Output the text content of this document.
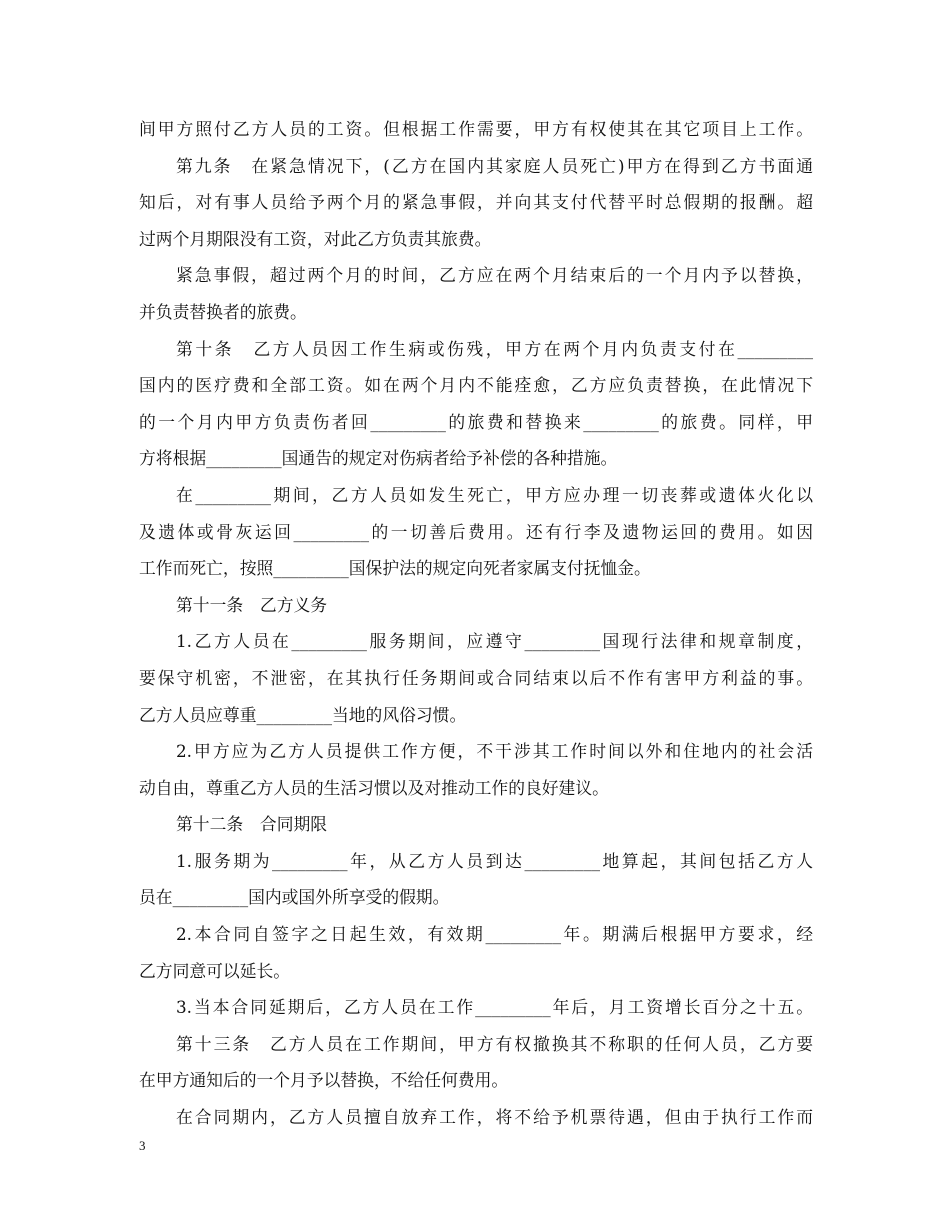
间甲方照付乙方人员的工资。但根据工作需要，甲方有权使其在其它项目上工作。
第九条　在紧急情况下，(乙方在国内其家庭人员死亡)甲方在得到乙方书面通
知后，对有事人员给予两个月的紧急事假，并向其支付代替平时总假期的报酬。超
过两个月期限没有工资，对此乙方负责其旅费。
紧急事假，超过两个月的时间，乙方应在两个月结束后的一个月内予以替换，
并负责替换者的旅费。
第十条　乙方人员因工作生病或伤残，甲方在两个月内负责支付在_________
国内的医疗费和全部工资。如在两个月内不能痊愈，乙方应负责替换，在此情况下
的一个月内甲方负责伤者回_________的旅费和替换来_________的旅费。同样，甲
方将根据_________国通告的规定对伤病者给予补偿的各种措施。
在_________期间，乙方人员如发生死亡，甲方应办理一切丧葬或遗体火化以
及遗体或骨灰运回_________的一切善后费用。还有行李及遗物运回的费用。如因
工作而死亡，按照_________国保护法的规定向死者家属支付抚恤金。
第十一条　乙方义务
1.乙方人员在_________服务期间，应遵守_________国现行法律和规章制度，
要保守机密，不泄密，在其执行任务期间或合同结束以后不作有害甲方利益的事。
乙方人员应尊重_________当地的风俗习惯。
2.甲方应为乙方人员提供工作方便，不干涉其工作时间以外和住地内的社会活
动自由，尊重乙方人员的生活习惯以及对推动工作的良好建议。
第十二条　合同期限
1.服务期为_________年，从乙方人员到达_________地算起，其间包括乙方人
员在_________国内或国外所享受的假期。
2.本合同自签字之日起生效，有效期_________年。期满后根据甲方要求，经
乙方同意可以延长。
3.当本合同延期后，乙方人员在工作_________年后，月工资增长百分之十五。
第十三条　乙方人员在工作期间，甲方有权撤换其不称职的任何人员，乙方要
在甲方通知后的一个月予以替换，不给任何费用。
在合同期内，乙方人员擅自放弃工作，将不给予机票待遇，但由于执行工作而
3
